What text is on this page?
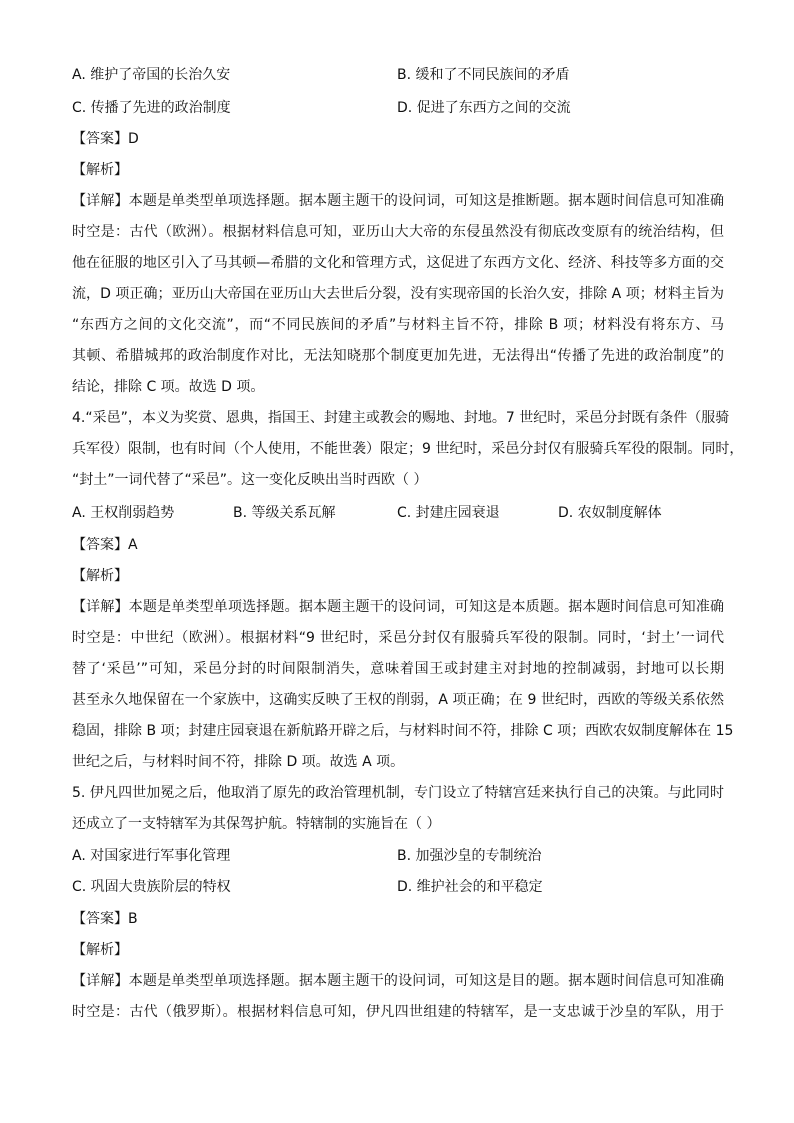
A. 维护了帝国的长治久安	B. 缓和了不同民族间的矛盾
C. 传播了先进的政治制度	D. 促进了东西方之间的交流
【答案】D
【解析】
【详解】本题是单类型单项选择题。据本题主题干的设问词，可知这是推断题。据本题时间信息可知准确
时空是：古代（欧洲）。根据材料信息可知，亚历山大大帝的东侵虽然没有彻底改变原有的统治结构，但
他在征服的地区引入了马其顿—希腊的文化和管理方式，这促进了东西方文化、经济、科技等多方面的交
流，D 项正确；亚历山大帝国在亚历山大去世后分裂，没有实现帝国的长治久安，排除 A 项；材料主旨为
“东西方之间的文化交流”，而“不同民族间的矛盾”与材料主旨不符，排除 B 项；材料没有将东方、马
其顿、希腊城邦的政治制度作对比，无法知晓那个制度更加先进，无法得出“传播了先进的政治制度”的
结论，排除 C 项。故选 D 项。
4.“采邑”，本义为奖赏、恩典，指国王、封建主或教会的赐地、封地。7 世纪时，采邑分封既有条件（服骑
兵军役）限制，也有时间（个人使用，不能世袭）限定；9 世纪时，采邑分封仅有服骑兵军役的限制。同时，
“封土”一词代替了“采邑”。这一变化反映出当时西欧（ ）
A. 王权削弱趋势	B. 等级关系瓦解	C. 封建庄园衰退	D. 农奴制度解体
【答案】A
【解析】
【详解】本题是单类型单项选择题。据本题主题干的设问词，可知这是本质题。据本题时间信息可知准确
时空是：中世纪（欧洲）。根据材料“9 世纪时，采邑分封仅有服骑兵军役的限制。同时，‘封土’一词代
替了‘采邑’”可知，采邑分封的时间限制消失，意味着国王或封建主对封地的控制减弱，封地可以长期
甚至永久地保留在一个家族中，这确实反映了王权的削弱，A 项正确；在 9 世纪时，西欧的等级关系依然
稳固，排除 B 项；封建庄园衰退在新航路开辟之后，与材料时间不符，排除 C 项；西欧农奴制度解体在 15
世纪之后，与材料时间不符，排除 D 项。故选 A 项。
5. 伊凡四世加冕之后，他取消了原先的政治管理机制，专门设立了特辖宫廷来执行自己的决策。与此同时
还成立了一支特辖军为其保驾护航。特辖制的实施旨在（ ）
A. 对国家进行军事化管理	B. 加强沙皇的专制统治
C. 巩固大贵族阶层的特权	D. 维护社会的和平稳定
【答案】B
【解析】
【详解】本题是单类型单项选择题。据本题主题干的设问词，可知这是目的题。据本题时间信息可知准确
时空是：古代（俄罗斯）。根据材料信息可知，伊凡四世组建的特辖军，是一支忠诚于沙皇的军队，用于
